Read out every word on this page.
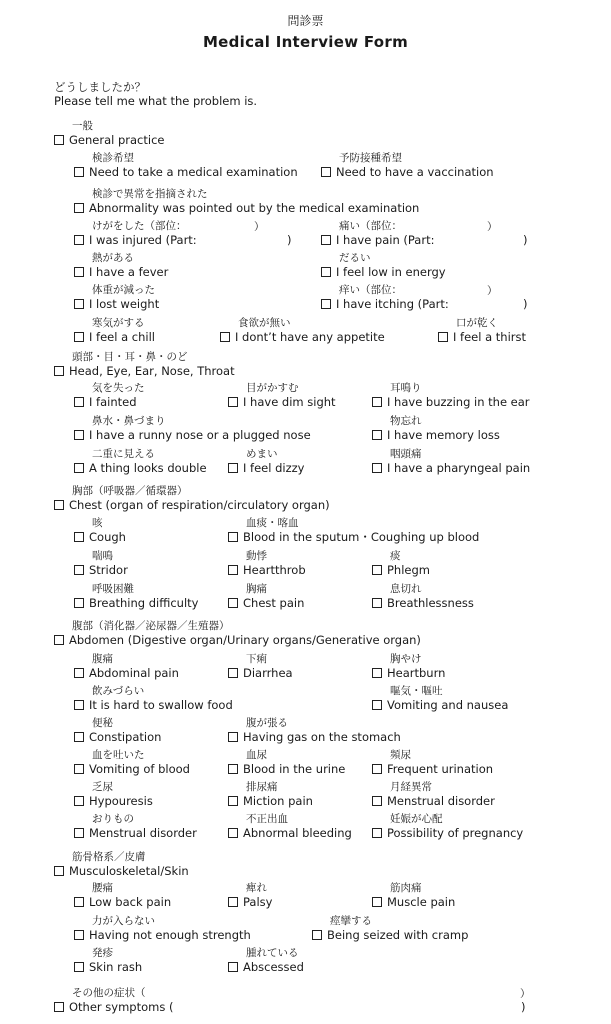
問診票
Medical Interview Form
どうしましたか？
Please tell me what the problem is.
一般
General practice
検診希望
Need to take a medical examination
予防接種希望
Need to have a vaccination
検診で異常を指摘された
Abnormality was pointed out by the medical examination
けがをした（部位：
I was injured (Part:
）
)
痛い（部位：
I have pain (Part:
）
)
熱がある
I have a fever
だるい
I feel low in energy
体重が減った
I lost weight
痒い（部位：
I have itching (Part:
）
)
寒気がする
I feel a chill
食欲が無い
I dont’t have any appetite
口が乾く
I feel a thirst
頭部・目・耳・鼻・のど
Head, Eye, Ear, Nose, Throat
気を失った
I fainted
目がかすむ
I have dim sight
耳鳴り
I have buzzing in the ear
鼻水・鼻づまり
I have a runny nose or a plugged nose
物忘れ
I have memory loss
二重に見える
A thing looks double
めまい
I feel dizzy
咽頭痛
I have a pharyngeal pain
胸部（呼吸器／循環器）
Chest (organ of respiration/circulatory organ)
咳
Cough
血痰・喀血
Blood in the sputum・Coughing up blood
喘鳴
Stridor
動悸
Heartthrob
痰
Phlegm
呼吸困難
Breathing difficulty
胸痛
Chest pain
息切れ
Breathlessness
腹部（消化器／泌尿器／生殖器）
Abdomen (Digestive organ/Urinary organs/Generative organ)
腹痛
Abdominal pain
下痢
Diarrhea
胸やけ
Heartburn
飲みづらい
It is hard to swallow food
嘔気・嘔吐
Vomiting and nausea
便秘
Constipation
腹が張る
Having gas on the stomach
血を吐いた
Vomiting of blood
血尿
Blood in the urine
頻尿
Frequent urination
乏尿
Hypouresis
排尿痛
Miction pain
月経異常
Menstrual disorder
おりもの
Menstrual disorder
不正出血
Abnormal bleeding
妊娠が心配
Possibility of pregnancy
筋骨格系／皮膚
Musculoskeletal/Skin
腰痛
Low back pain
痺れ
Palsy
筋肉痛
Muscle pain
力が入らない
Having not enough strength
痙攣する
Being seized with cramp
発疹
Skin rash
腫れている
Abscessed
その他の症状（
Other symptoms (
）
)
